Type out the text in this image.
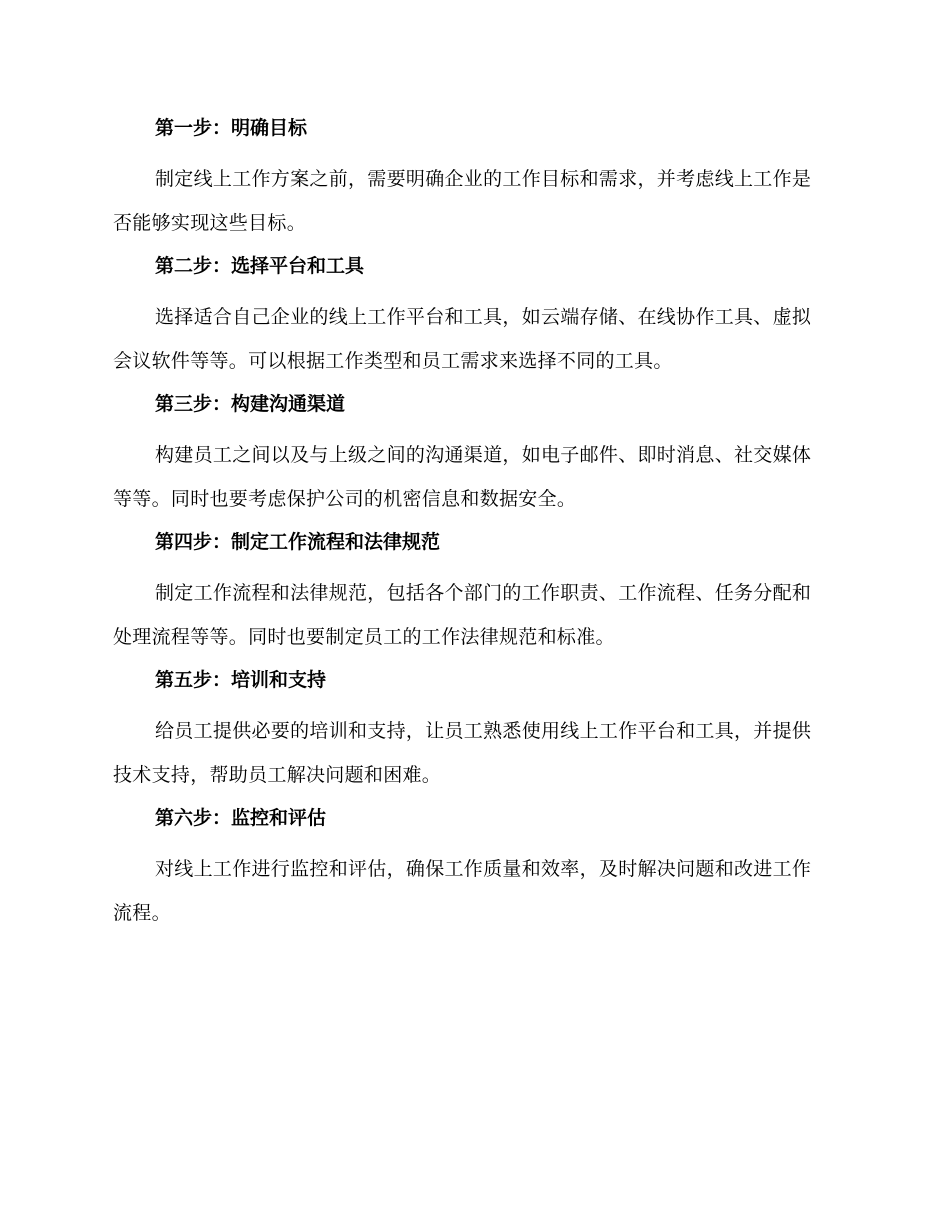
第一步：明确目标

制定线上工作方案之前，需要明确企业的工作目标和需求，并考虑线上工作是否能够实现这些目标。

第二步：选择平台和工具

选择适合自己企业的线上工作平台和工具，如云端存储、在线协作工具、虚拟会议软件等等。可以根据工作类型和员工需求来选择不同的工具。

第三步：构建沟通渠道

构建员工之间以及与上级之间的沟通渠道，如电子邮件、即时消息、社交媒体等等。同时也要考虑保护公司的机密信息和数据安全。

第四步：制定工作流程和法律规范

制定工作流程和法律规范，包括各个部门的工作职责、工作流程、任务分配和处理流程等等。同时也要制定员工的工作法律规范和标准。

第五步：培训和支持

给员工提供必要的培训和支持，让员工熟悉使用线上工作平台和工具，并提供技术支持，帮助员工解决问题和困难。

第六步：监控和评估

对线上工作进行监控和评估，确保工作质量和效率，及时解决问题和改进工作流程。
